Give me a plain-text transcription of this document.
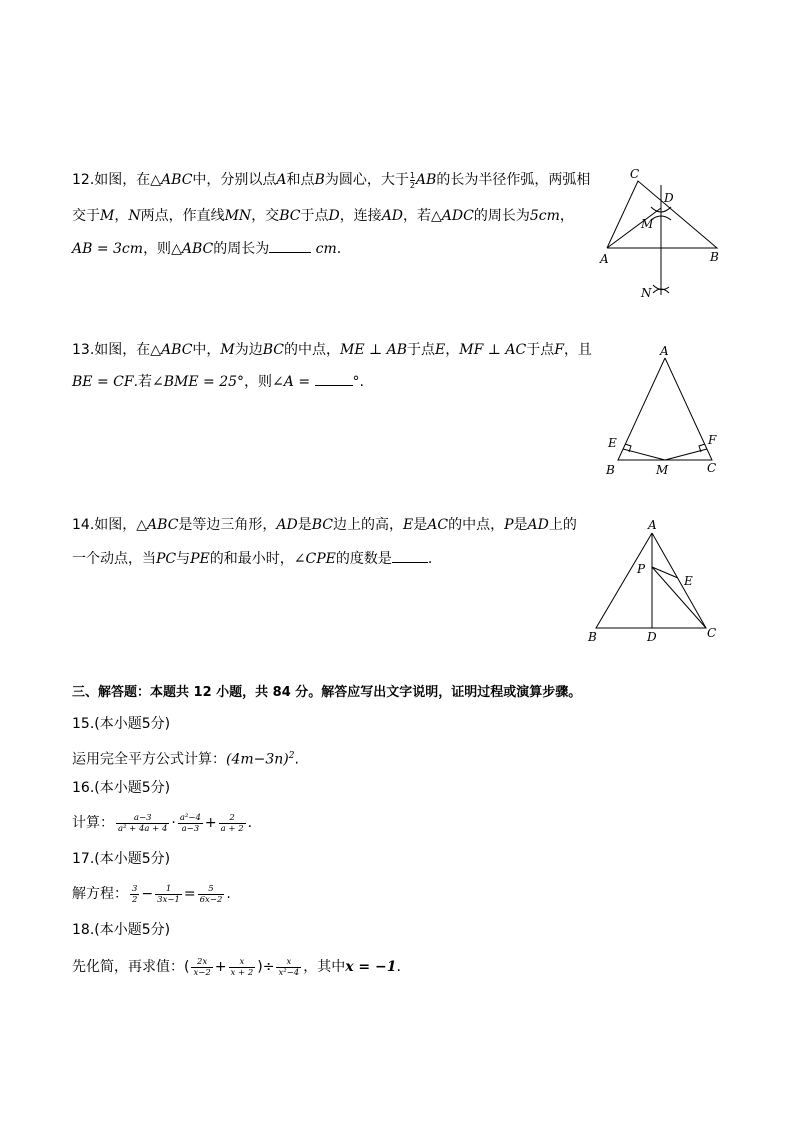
12.如图，在△ABC中，分别以点A和点B为圆心，大于 $\frac{1}{2}$ AB的长为半径作弧，两弧相
交于M，N两点，作直线MN，交BC于点D，连接AD，若△ADC的周长为5cm，
AB = 3cm，则△ABC的周长为	cm.
C
D
M
A	B
N
13.如图，在△ABC中，M为边BC的中点，ME ⊥ AB于点E，MF ⊥ AC于点F，且
BE = CF.若∠BME = 25°，则∠A =	°.
A
E	F
B	M	C
14.如图，△ABC是等边三角形，AD是BC边上的高，E是AC的中点，P是AD上的
一个动点，当PC与PE的和最小时，∠CPE的度数是	.
A
P
E
B	D	C
三、解答题：本题共 12 小题，共 84 分。解答应写出文字说明，证明过程或演算步骤。
15.(本小题5分)
运用完全平方公式计算：$(4m-3n)^2$.
16.(本小题5分)
计算： $\frac{a-3}{\text{a² + 4a + 4}} \cdot \frac{\text{a²−4}}{a-3} + \frac{2}{a + 2}$ .
17.(本小题5分)
解方程： $\frac{3}{2} - \frac{1}{3x-1} = \frac{5}{6x-2}$ .
18.(本小题5分)
先化简，再求值：( $\frac{2x}{x-2} + \frac{x}{x + 2}$ )÷ $\frac{x}{\text{x²−4}}$ ，其中x = −1.
